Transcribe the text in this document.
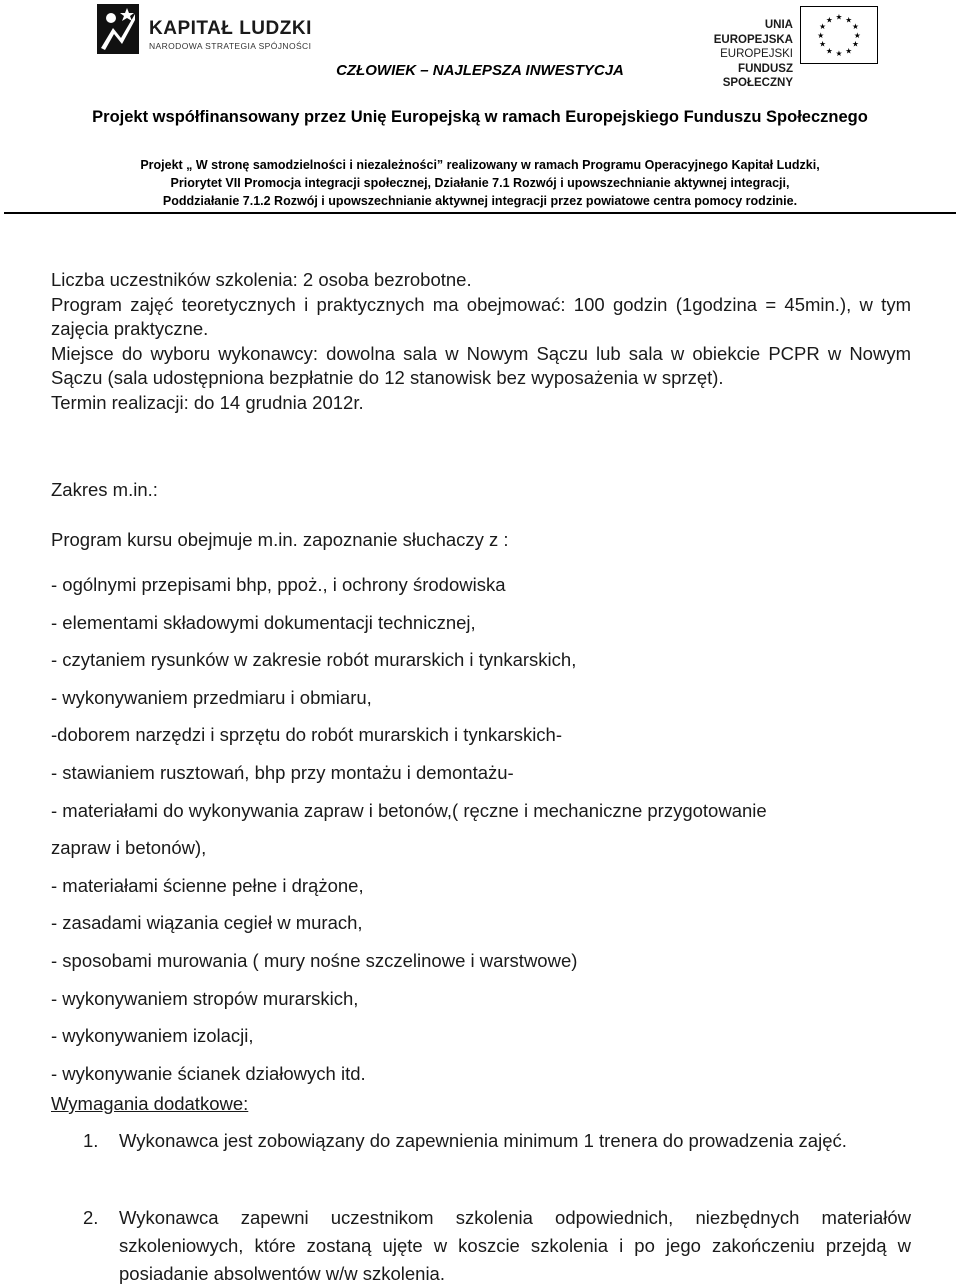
KAPITAŁ LUDZKI
NARODOWA STRATEGIA SPÓJNOŚCI
UNIA EUROPEJSKA
EUROPEJSKI
FUNDUSZ SPOŁECZNY
★ ★
★
★
★
★
★
★
★
★
★
★
CZŁOWIEK – NAJLEPSZA INWESTYCJA
Projekt współfinansowany przez Unię Europejską w ramach Europejskiego Funduszu Społecznego
Projekt „ W stronę samodzielności i niezależności” realizowany w ramach Programu Operacyjnego Kapitał Ludzki,
Priorytet VII Promocja integracji społecznej, Działanie 7.1 Rozwój i upowszechnianie aktywnej integracji,
Poddziałanie 7.1.2 Rozwój i upowszechnianie aktywnej integracji przez powiatowe centra pomocy rodzinie.

Liczba uczestników szkolenia: 2 osoba bezrobotne.

Program zajęć teoretycznych i praktycznych ma obejmować: 100 godzin (1godzina = 45min.), w tym zajęcia praktyczne.

Miejsce do wyboru wykonawcy: dowolna sala w Nowym Sączu lub sala w obiekcie PCPR w Nowym Sączu (sala udostępniona bezpłatnie do 12 stanowisk bez wyposażenia w sprzęt).

Termin realizacji: do 14 grudnia 2012r.

Zakres m.in.:
Program kursu obejmuje m.in. zapoznanie słuchaczy z :
- ogólnymi przepisami bhp, ppoż., i ochrony środowiska
- elementami składowymi dokumentacji technicznej,
- czytaniem rysunków w zakresie robót murarskich i tynkarskich,
- wykonywaniem przedmiaru i obmiaru,
-doborem narzędzi i sprzętu do robót murarskich i tynkarskich-
- stawianiem rusztowań, bhp przy montażu i demontażu-
- materiałami do wykonywania zapraw i betonów,( ręczne i mechaniczne przygotowanie
zapraw i betonów),
- materiałami ścienne pełne i drążone,
- zasadami wiązania cegieł w murach,
- sposobami murowania ( mury nośne szczelinowe i warstwowe)
- wykonywaniem stropów murarskich,
- wykonywaniem izolacji,
- wykonywanie ścianek działowych itd.
Wymagania dodatkowe:
1. Wykonawca jest zobowiązany do zapewnienia minimum 1 trenera do prowadzenia zajęć.
2. Wykonawca zapewni uczestnikom szkolenia odpowiednich, niezbędnych materiałów szkoleniowych, które zostaną ujęte w koszcie szkolenia i po jego zakończeniu przejdą w posiadanie absolwentów w/w szkolenia.
